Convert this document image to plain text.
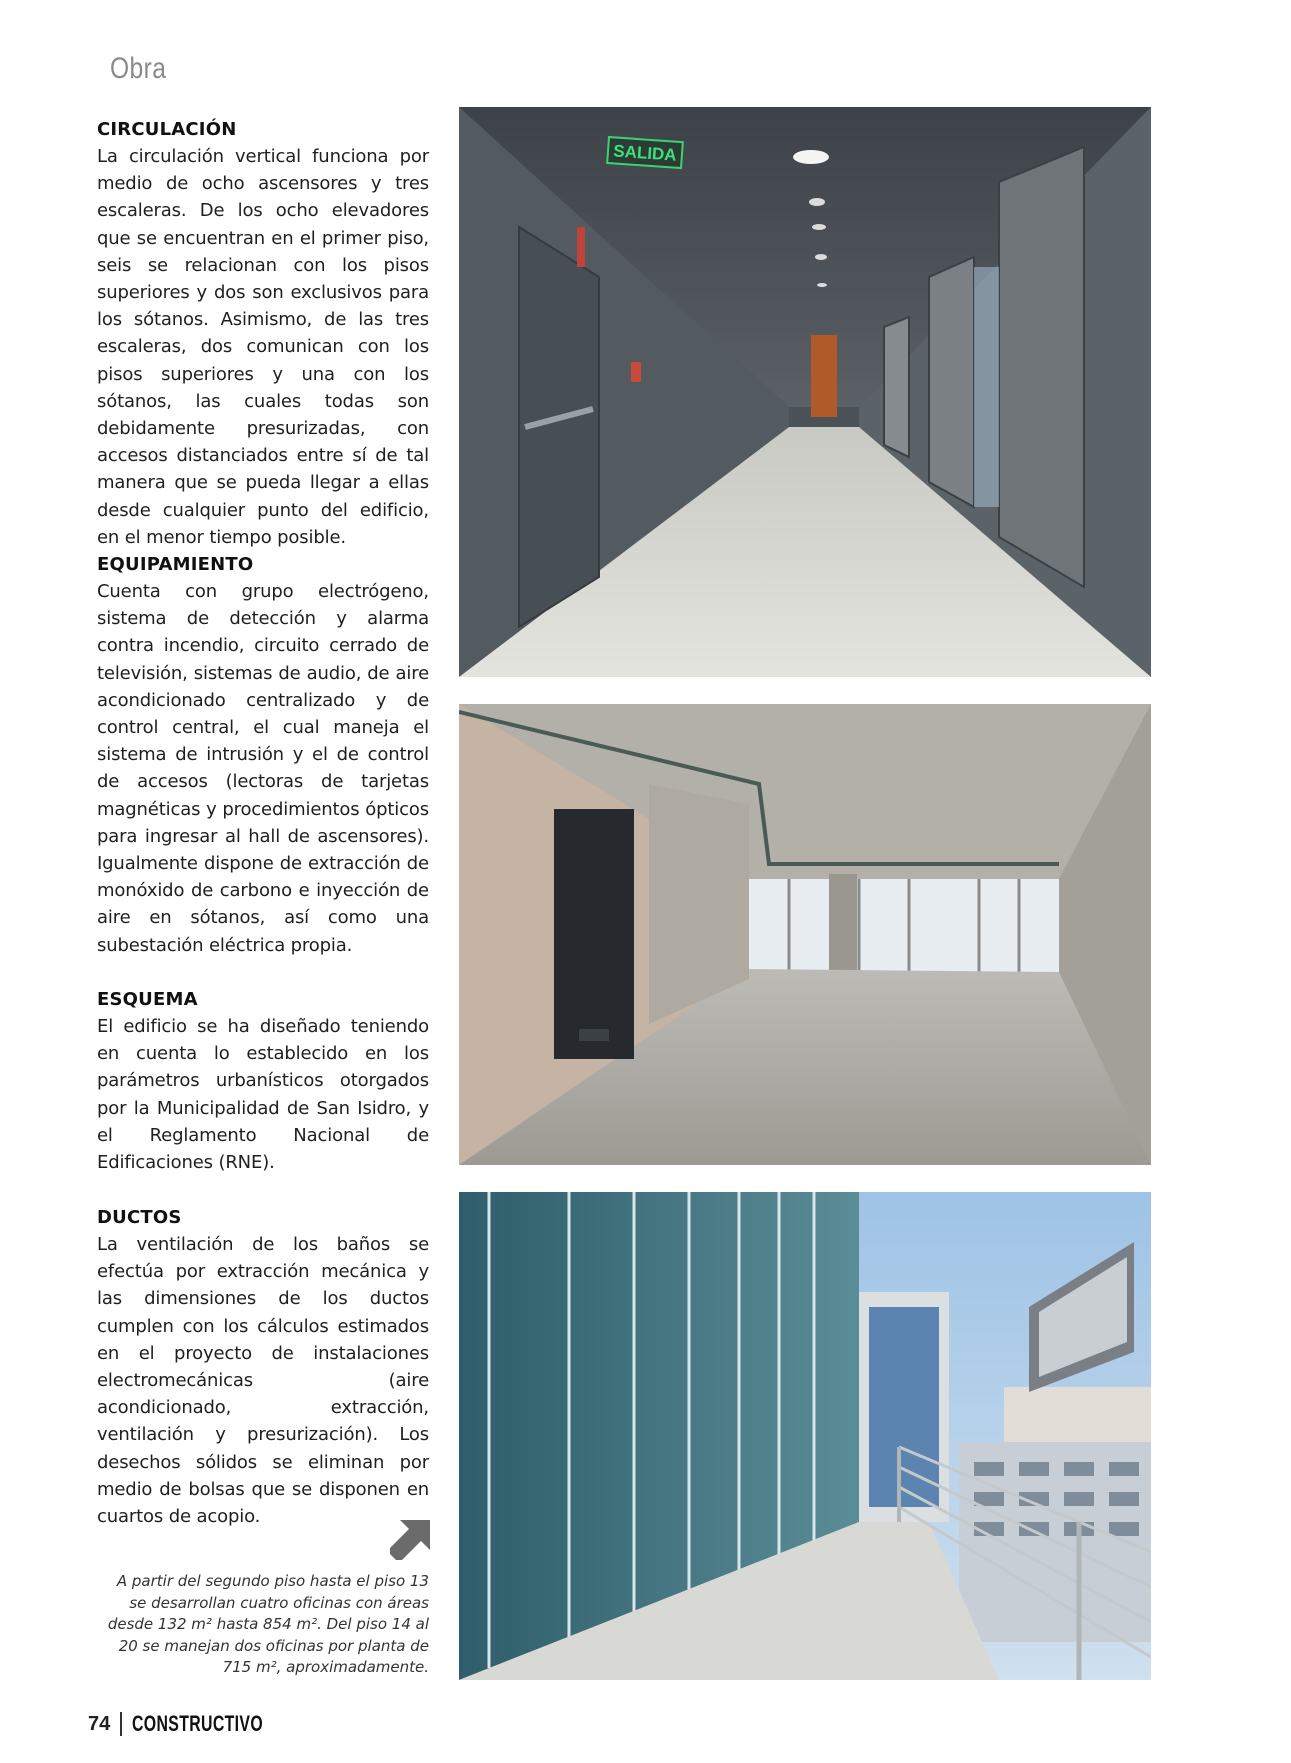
Obra
CIRCULACIÓN

La circulación vertical funciona por medio de ocho ascensores y tres escaleras. De los ocho elevadores que se encuentran en el primer piso, seis se relacionan con los pisos superiores y dos son exclusivos para los sótanos. Asimismo, de las tres escaleras, dos comunican con los pisos superiores y una con los sótanos, las cuales todas son debidamente presurizadas, con accesos distanciados entre sí de tal manera que se pueda llegar a ellas desde cualquier punto del edificio, en el menor tiempo posible.

EQUIPAMIENTO

Cuenta con grupo electrógeno, sistema de detección y alarma contra incendio, circuito cerrado de televisión, sistemas de audio, de aire acondicionado centralizado y de control central, el cual maneja el sistema de intrusión y el de control de accesos (lectoras de tarjetas magnéticas y procedimientos ópticos para ingresar al hall de ascensores). Igualmente dispone de extracción de monóxido de carbono e inyección de aire en sótanos, así como una subestación eléctrica propia.

ESQUEMA

El edificio se ha diseñado teniendo en cuenta lo establecido en los parámetros urbanísticos otorgados por la Municipalidad de San Isidro, y el Reglamento Nacional de Edificaciones (RNE).

DUCTOS

La ventilación de los baños se efectúa por extracción mecánica y las dimensiones de los ductos cumplen con los cálculos estimados en el proyecto de instalaciones electromecánicas (aire acondicionado, extracción, ventilación y presurización). Los desechos sólidos se eliminan por medio de bolsas que se disponen en cuartos de acopio.

A partir del segundo piso hasta el piso 13 se desarrollan cuatro oficinas con áreas desde 132 m² hasta 854 m². Del piso 14 al 20 se manejan dos oficinas por planta de 715 m², aproximadamente.
74 CONSTRUCTIVO
SALIDA
